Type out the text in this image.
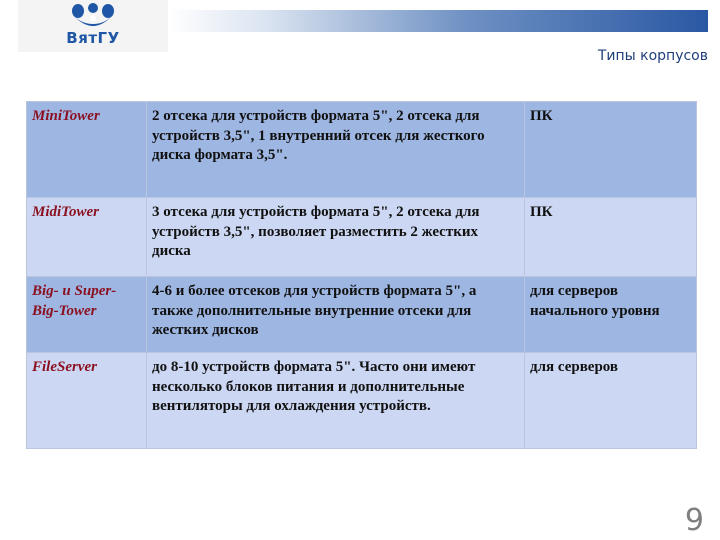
ВятГУ
Типы корпусов
MiniTower	2 отсека для устройств формата 5", 2 отсека для устройств 3,5", 1 внутренний отсек для жесткого диска формата 3,5".	ПК
MidiTower	3 отсека для устройств формата 5", 2 отсека для устройств 3,5", позволяет разместить 2 жестких диска	ПК
Big- и Super-Big-Tower	4-6 и более отсеков для устройств формата 5", а также дополнительные внутренние отсеки для жестких дисков	для серверов начального уровня
FileServer	до 8-10 устройств формата 5". Часто они имеют несколько блоков питания и дополнительные вентиляторы для охлаждения устройств.	для серверов
9
